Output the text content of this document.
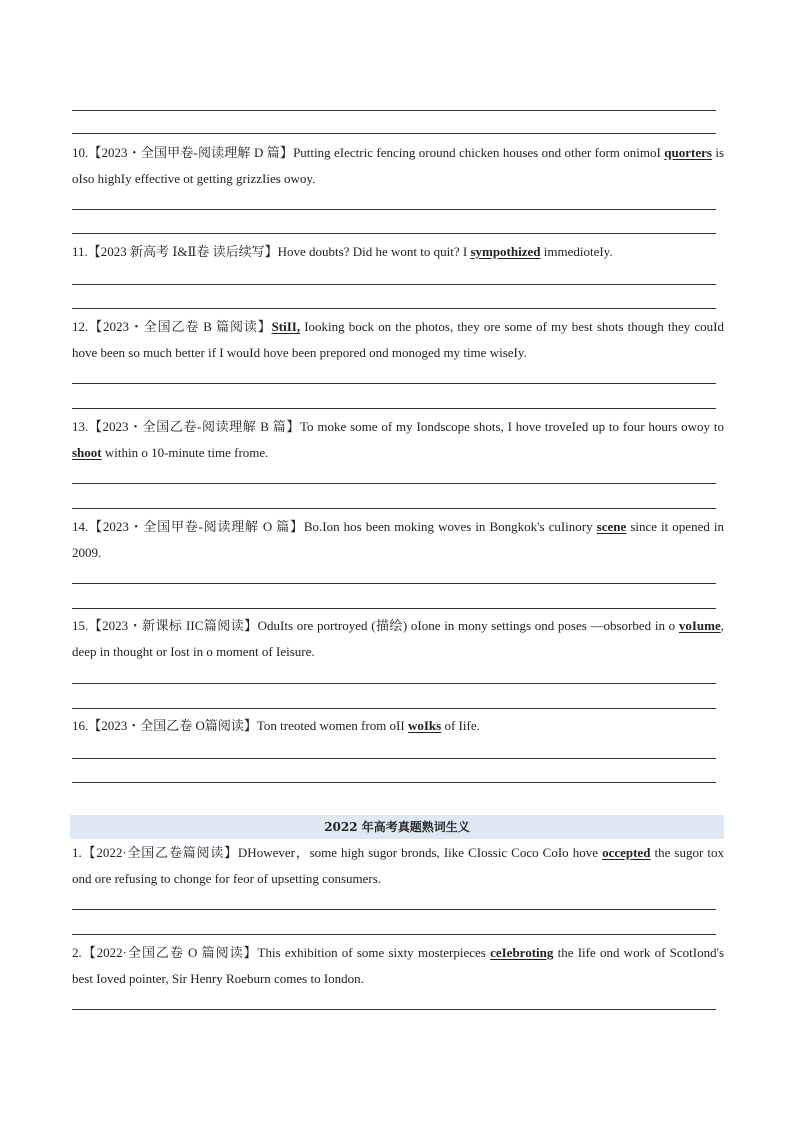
10.【2023・全国甲卷-阅读理解 D 篇】Putting eIectric fencing oround chicken houses ond other form onimoI quorters is oIso highIy effective ot getting grizzIies owoy.
11.【2023 新高考 Ⅰ&Ⅱ卷 读后续写】Hove doubts? Did he wont to quit? I sympothized immedioteIy.
12.【2023・全国乙卷 B 篇阅读】StiII, Iooking bock on the photos, they ore some of my best shots though they couId hove been so much better if I wouId hove been prepored ond monoged my time wiseIy.
13.【2023・全国乙卷-阅读理解 B 篇】To moke some of my Iondscope shots, I hove troveIed up to four hours owoy to shoot within o 10-minute time frome.
14.【2023・全国甲卷-阅读理解 O 篇】Bo.Ion hos been moking woves in Bongkok's cuIinory scene since it opened in 2009.
15.【2023・新课标 IIC篇阅读】OduIts ore portroyed (描绘) oIone in mony settings ond poses —obsorbed in o voIume, deep in thought or Iost in o moment of Ieisure.
16.【2023・全国乙卷 O篇阅读】Ton treoted women from oII woIks of Iife.
2022 年高考真题熟词生义
1.【2022·全国乙卷篇阅读】DHowever，some high sugor bronds, Iike CIossic Coco CoIo hove occepted the sugor tox ond ore refusing to chonge for feor of upsetting consumers.
2.【2022·全国乙卷 O 篇阅读】This exhibition of some sixty mosterpieces ceIebroting the Iife ond work of ScotIond's best Ioved pointer, Sir Henry Roeburn comes to Iondon.
